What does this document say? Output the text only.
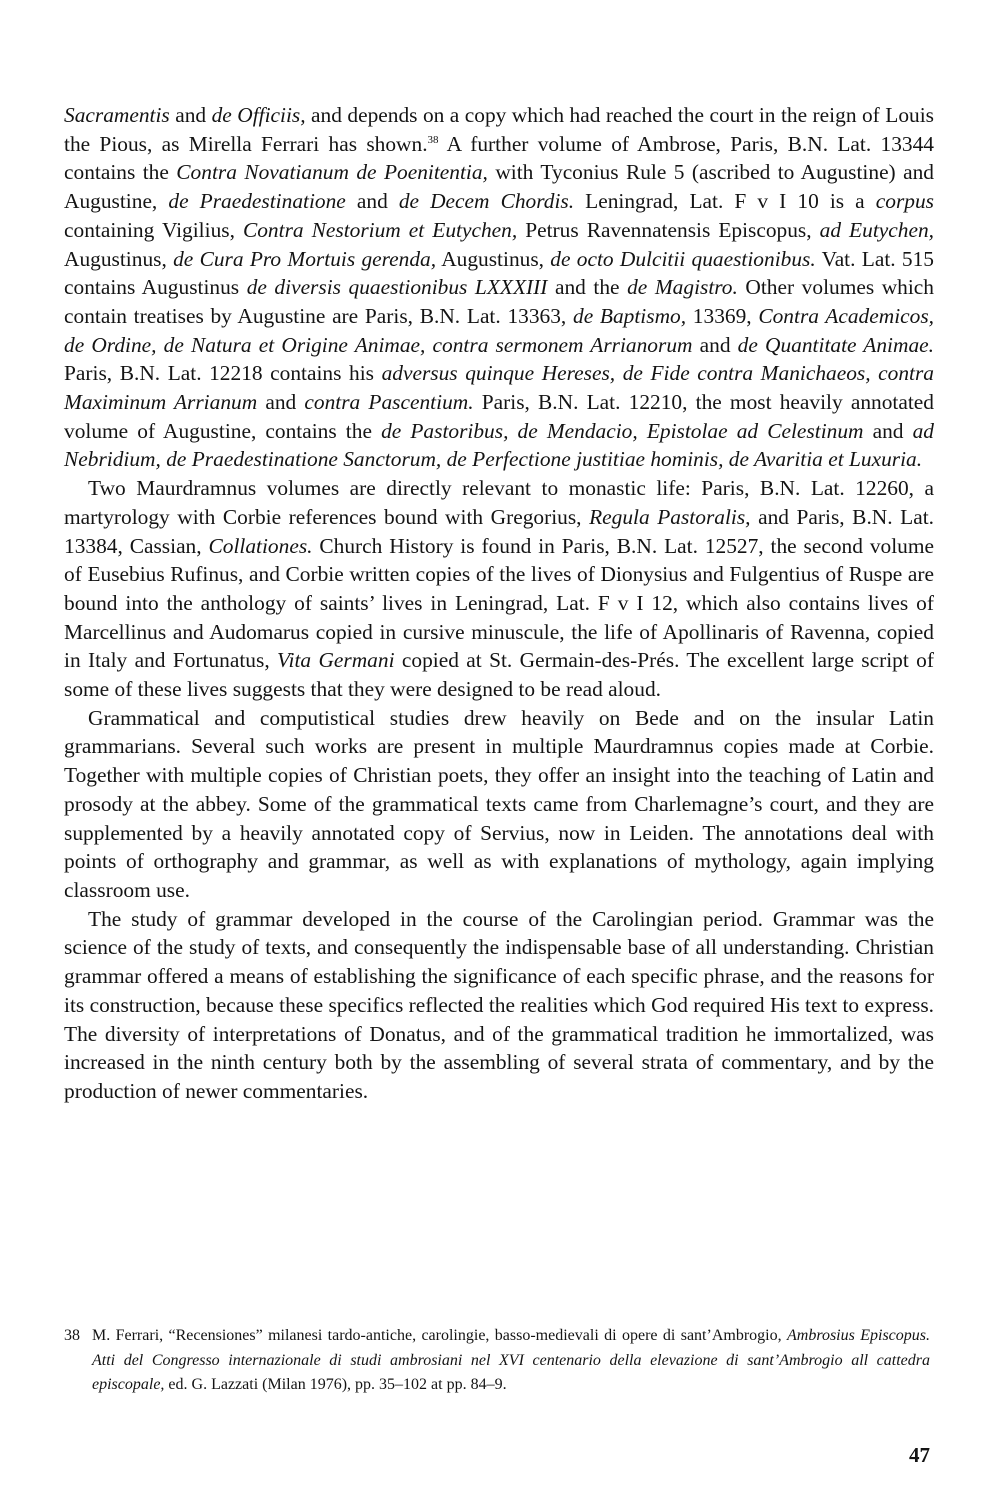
Sacramentis and de Officiis, and depends on a copy which had reached the court in the reign of Louis the Pious, as Mirella Ferrari has shown.$^{38}$ A further volume of Ambrose, Paris, B.N. Lat. 13344 contains the Contra Novatianum de Poenitentia, with Tyconius Rule 5 (ascribed to Augustine) and Augustine, de Praedestinatione and de Decem Chordis. Leningrad, Lat. F v I 10 is a corpus containing Vigilius, Contra Nestorium et Eutychen, Petrus Ravennatensis Episcopus, ad Eutychen, Augustinus, de Cura Pro Mortuis gerenda, Augustinus, de octo Dulcitii quaestionibus. Vat. Lat. 515 contains Augustinus de diversis quaestionibus LXXXIII and the de Magistro. Other volumes which contain treatises by Augustine are Paris, B.N. Lat. 13363, de Baptismo, 13369, Contra Academicos, de Ordine, de Natura et Origine Animae, contra sermonem Arrianorum and de Quantitate Animae. Paris, B.N. Lat. 12218 contains his adversus quinque Hereses, de Fide contra Manichaeos, contra Maximinum Arrianum and contra Pascentium. Paris, B.N. Lat. 12210, the most heavily annotated volume of Augustine, contains the de Pastoribus, de Mendacio, Epistolae ad Celestinum and ad Nebridium, de Praedestinatione Sanctorum, de Perfectione justitiae hominis, de Avaritia et Luxuria.

Two Maurdramnus volumes are directly relevant to monastic life: Paris, B.N. Lat. 12260, a martyrology with Corbie references bound with Gregorius, Regula Pastoralis, and Paris, B.N. Lat. 13384, Cassian, Collationes. Church History is found in Paris, B.N. Lat. 12527, the second volume of Eusebius Rufinus, and Corbie written copies of the lives of Dionysius and Fulgentius of Ruspe are bound into the anthology of saints’ lives in Leningrad, Lat. F v I 12, which also contains lives of Marcellinus and Audomarus copied in cursive minuscule, the life of Apollinaris of Ravenna, copied in Italy and Fortunatus, Vita Germani copied at St. Germain-des-Prés. The excellent large script of some of these lives suggests that they were designed to be read aloud.

Grammatical and computistical studies drew heavily on Bede and on the insular Latin grammarians. Several such works are present in multiple Maurdramnus copies made at Corbie. Together with multiple copies of Christian poets, they offer an insight into the teaching of Latin and prosody at the abbey. Some of the grammatical texts came from Charlemagne’s court, and they are supplemented by a heavily annotated copy of Servius, now in Leiden. The annotations deal with points of orthography and grammar, as well as with explanations of mythology, again implying classroom use.

The study of grammar developed in the course of the Carolingian period. Grammar was the science of the study of texts, and consequently the indispensable base of all understanding. Christian grammar offered a means of establishing the significance of each specific phrase, and the reasons for its construction, because these specifics reflected the realities which God required His text to express. The diversity of interpretations of Donatus, and of the grammatical tradition he immortalized, was increased in the ninth century both by the assembling of several strata of commentary, and by the production of newer commentaries.

38 M. Ferrari, “Recensiones” milanesi tardo-antiche, carolingie, basso-medievali di opere di sant’Ambrogio, Ambrosius Episcopus. Atti del Congresso internazionale di studi ambrosiani nel XVI centenario della elevazione di sant’Ambrogio all cattedra episcopale, ed. G. Lazzati (Milan 1976), pp. 35–102 at pp. 84–9.
47
